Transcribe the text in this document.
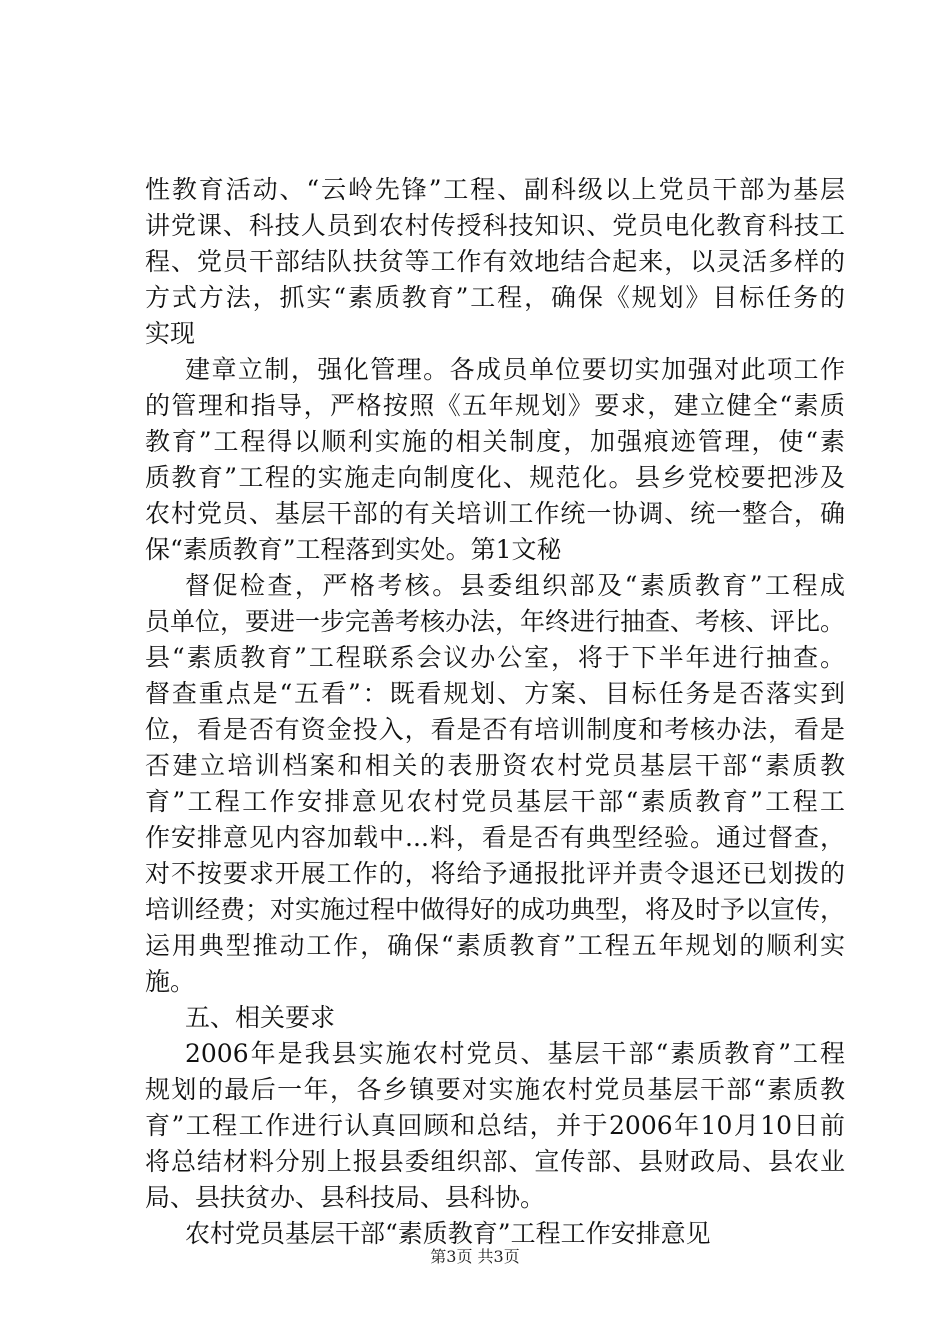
性教育活动、“云岭先锋”工程、副科级以上党员干部为基层
讲党课、科技人员到农村传授科技知识、党员电化教育科技工
程、党员干部结队扶贫等工作有效地结合起来，以灵活多样的
方式方法，抓实“素质教育”工程，确保《规划》目标任务的
实现
建章立制，强化管理。各成员单位要切实加强对此项工作
的管理和指导，严格按照《五年规划》要求，建立健全“素质
教育”工程得以顺利实施的相关制度，加强痕迹管理，使“素
质教育”工程的实施走向制度化、规范化。县乡党校要把涉及
农村党员、基层干部的有关培训工作统一协调、统一整合，确
保“素质教育”工程落到实处。第1文秘
督促检查，严格考核。县委组织部及“素质教育”工程成
员单位，要进一步完善考核办法，年终进行抽查、考核、评比。
县“素质教育”工程联系会议办公室，将于下半年进行抽查。
督查重点是“五看”：既看规划、方案、目标任务是否落实到
位，看是否有资金投入，看是否有培训制度和考核办法，看是
否建立培训档案和相关的表册资农村党员基层干部“素质教
育”工程工作安排意见农村党员基层干部“素质教育”工程工
作安排意见内容加载中...料，看是否有典型经验。通过督查，
对不按要求开展工作的，将给予通报批评并责令退还已划拨的
培训经费；对实施过程中做得好的成功典型，将及时予以宣传，
运用典型推动工作，确保“素质教育”工程五年规划的顺利实
施。
五、相关要求
2006年是我县实施农村党员、基层干部“素质教育”工程
规划的最后一年，各乡镇要对实施农村党员基层干部“素质教
育”工程工作进行认真回顾和总结，并于2006年10月10日前
将总结材料分别上报县委组织部、宣传部、县财政局、县农业
局、县扶贫办、县科技局、县科协。
农村党员基层干部“素质教育”工程工作安排意见
第3页 共3页
